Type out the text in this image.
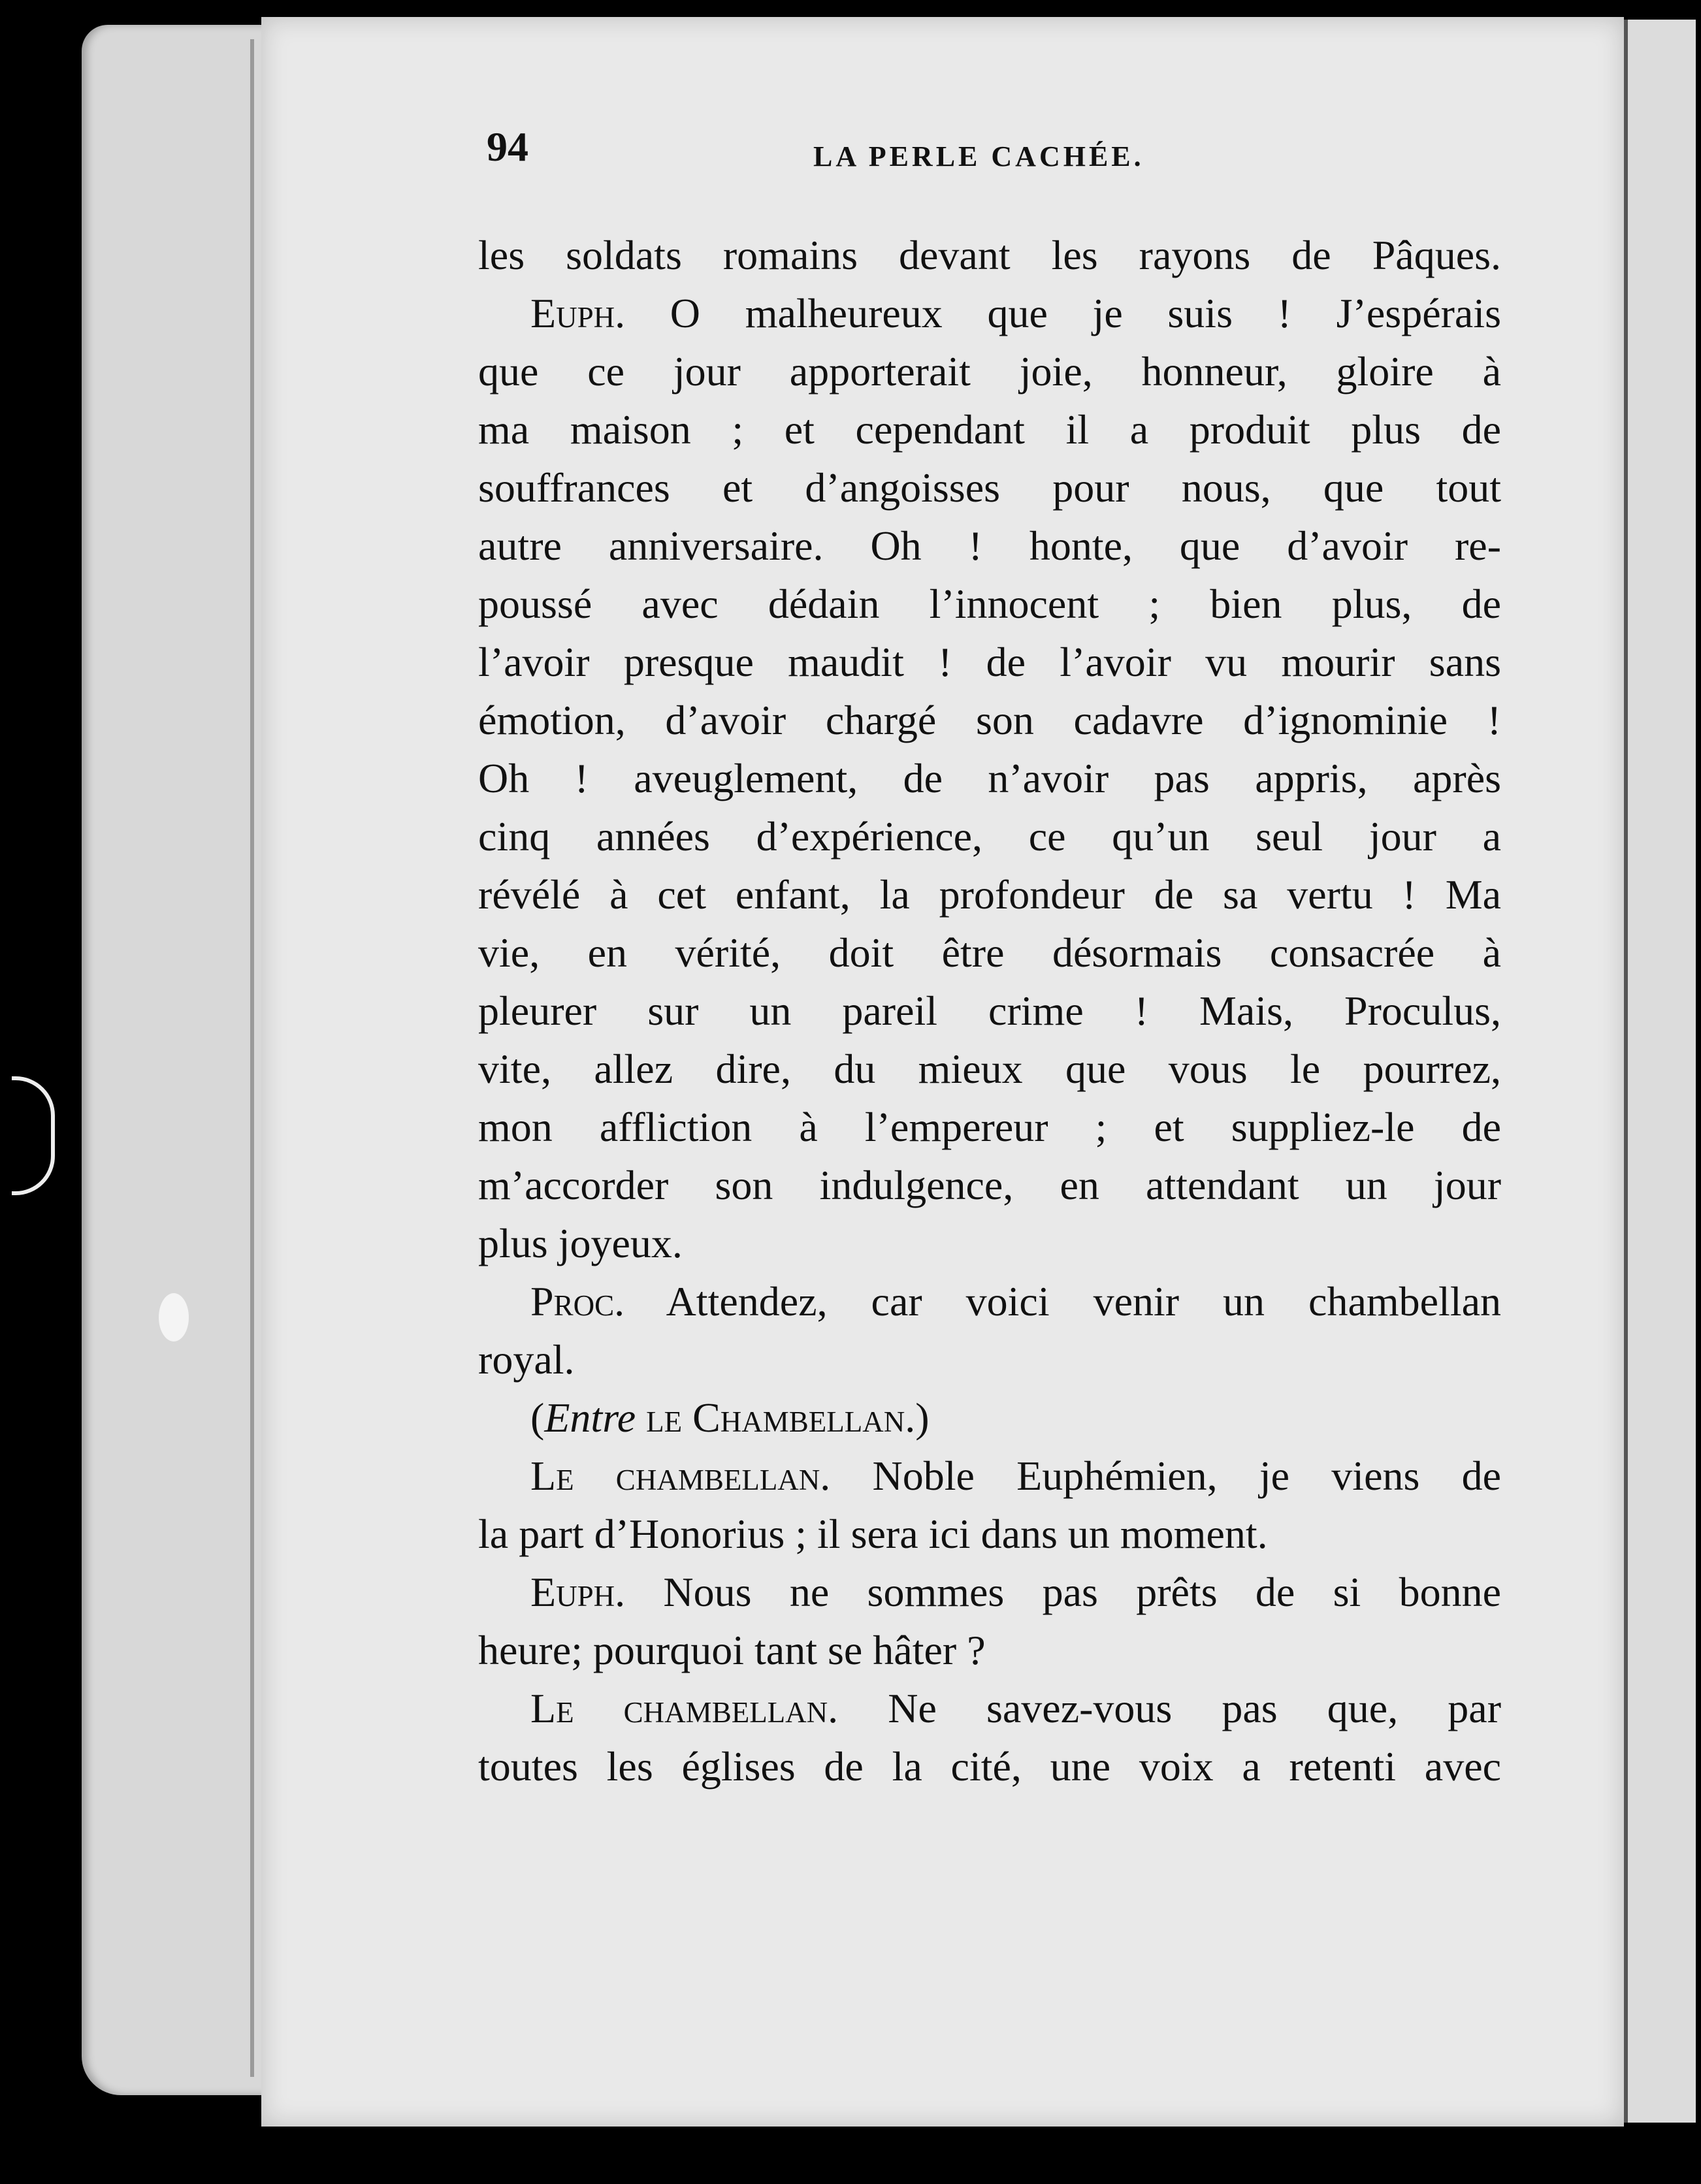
94	LA PERLE CACHÉE.
les soldats romains devant les rayons de Pâques.
Euph. O malheureux que je suis ! J’espérais
que ce jour apporterait joie, honneur, gloire à
ma maison ; et cependant il a produit plus de
souffrances et d’angoisses pour nous, que tout
autre anniversaire. Oh ! honte, que d’avoir re-
poussé avec dédain l’innocent ; bien plus, de
l’avoir presque maudit ! de l’avoir vu mourir sans
émotion, d’avoir chargé son cadavre d’ignominie !
Oh ! aveuglement, de n’avoir pas appris, après
cinq années d’expérience, ce qu’un seul jour a
révélé à cet enfant, la profondeur de sa vertu ! Ma
vie, en vérité, doit être désormais consacrée à
pleurer sur un pareil crime ! Mais, Proculus,
vite, allez dire, du mieux que vous le pourrez,
mon affliction à l’empereur ; et suppliez-le de
m’accorder son indulgence, en attendant un jour
plus joyeux.
Proc. Attendez, car voici venir un chambellan
royal.
(Entre le Chambellan.)
Le chambellan. Noble Euphémien, je viens de
la part d’Honorius ; il sera ici dans un moment.
Euph. Nous ne sommes pas prêts de si bonne
heure; pourquoi tant se hâter ?
Le chambellan. Ne savez-vous pas que, par
toutes les églises de la cité, une voix a retenti avec
